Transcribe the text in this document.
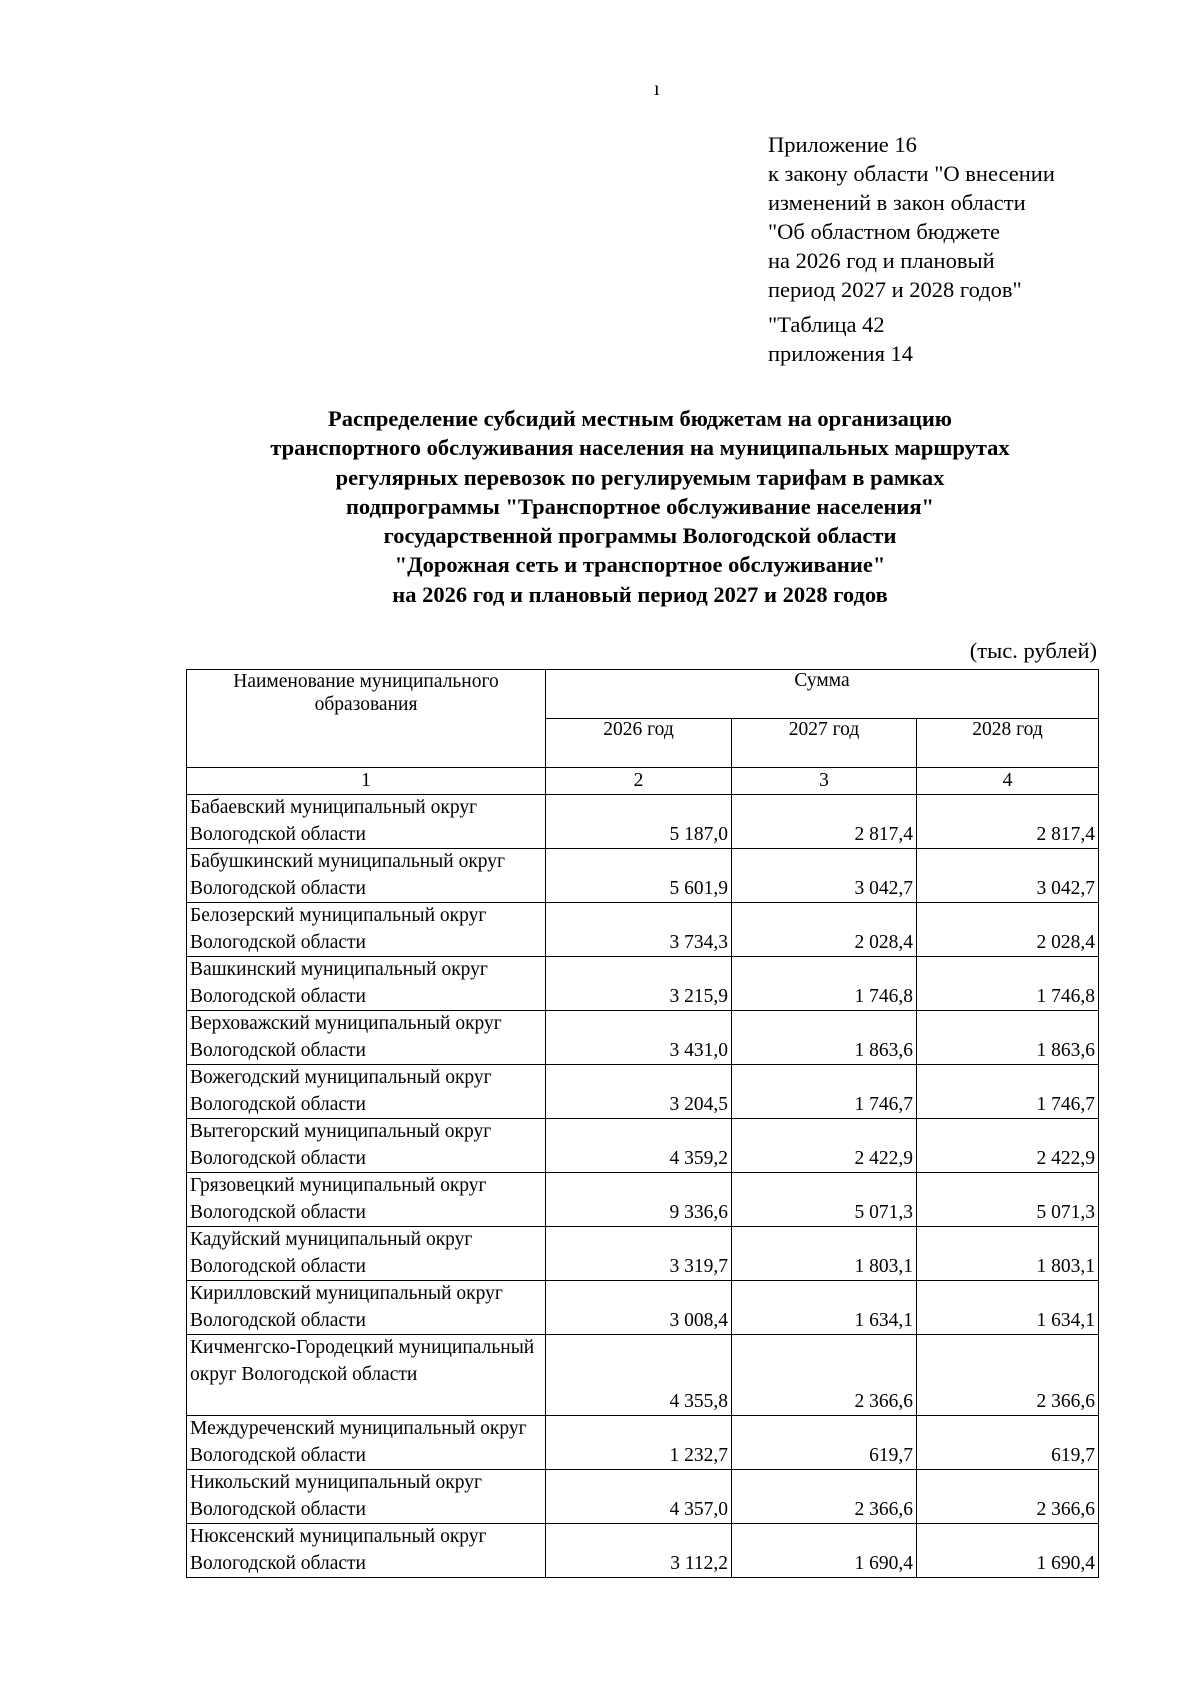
ı
Приложение 16
к закону области "О внесении
изменений в закон области
"Об областном бюджете
на 2026 год и плановый
период 2027 и 2028 годов"
"Таблица 42
приложения 14
Распределение субсидий местным бюджетам на организацию
транспортного обслуживания населения на муниципальных маршрутах
регулярных перевозок по регулируемым тарифам в рамках
подпрограммы "Транспортное обслуживание населения"
государственной программы Вологодской области
"Дорожная сеть и транспортное обслуживание"
на 2026 год и плановый период 2027 и 2028 годов
(тыс. рублей)
Наименование муниципального образования	Сумма		
	2026 год	2027 год	2028 год
1	2	3	4
Бабаевский муниципальный округ Вологодской области	5 187,0	2 817,4	2 817,4
Бабушкинский муниципальный округ Вологодской области	5 601,9	3 042,7	3 042,7
Белозерский муниципальный округ Вологодской области	3 734,3	2 028,4	2 028,4
Вашкинский муниципальный округ Вологодской области	3 215,9	1 746,8	1 746,8
Верховажский муниципальный округ Вологодской области	3 431,0	1 863,6	1 863,6
Вожегодский муниципальный округ Вологодской области	3 204,5	1 746,7	1 746,7
Вытегорский муниципальный округ Вологодской области	4 359,2	2 422,9	2 422,9
Грязовецкий муниципальный округ Вологодской области	9 336,6	5 071,3	5 071,3
Кадуйский муниципальный округ Вологодской области	3 319,7	1 803,1	1 803,1
Кирилловский муниципальный округ Вологодской области	3 008,4	1 634,1	1 634,1
Кичменгско-Городецкий муниципальный округ Вологодской области	4 355,8	2 366,6	2 366,6
Междуреченский муниципальный округ Вологодской области	1 232,7	619,7	619,7
Никольский муниципальный округ Вологодской области	4 357,0	2 366,6	2 366,6
Нюксенский муниципальный округ Вологодской области	3 112,2	1 690,4	1 690,4
